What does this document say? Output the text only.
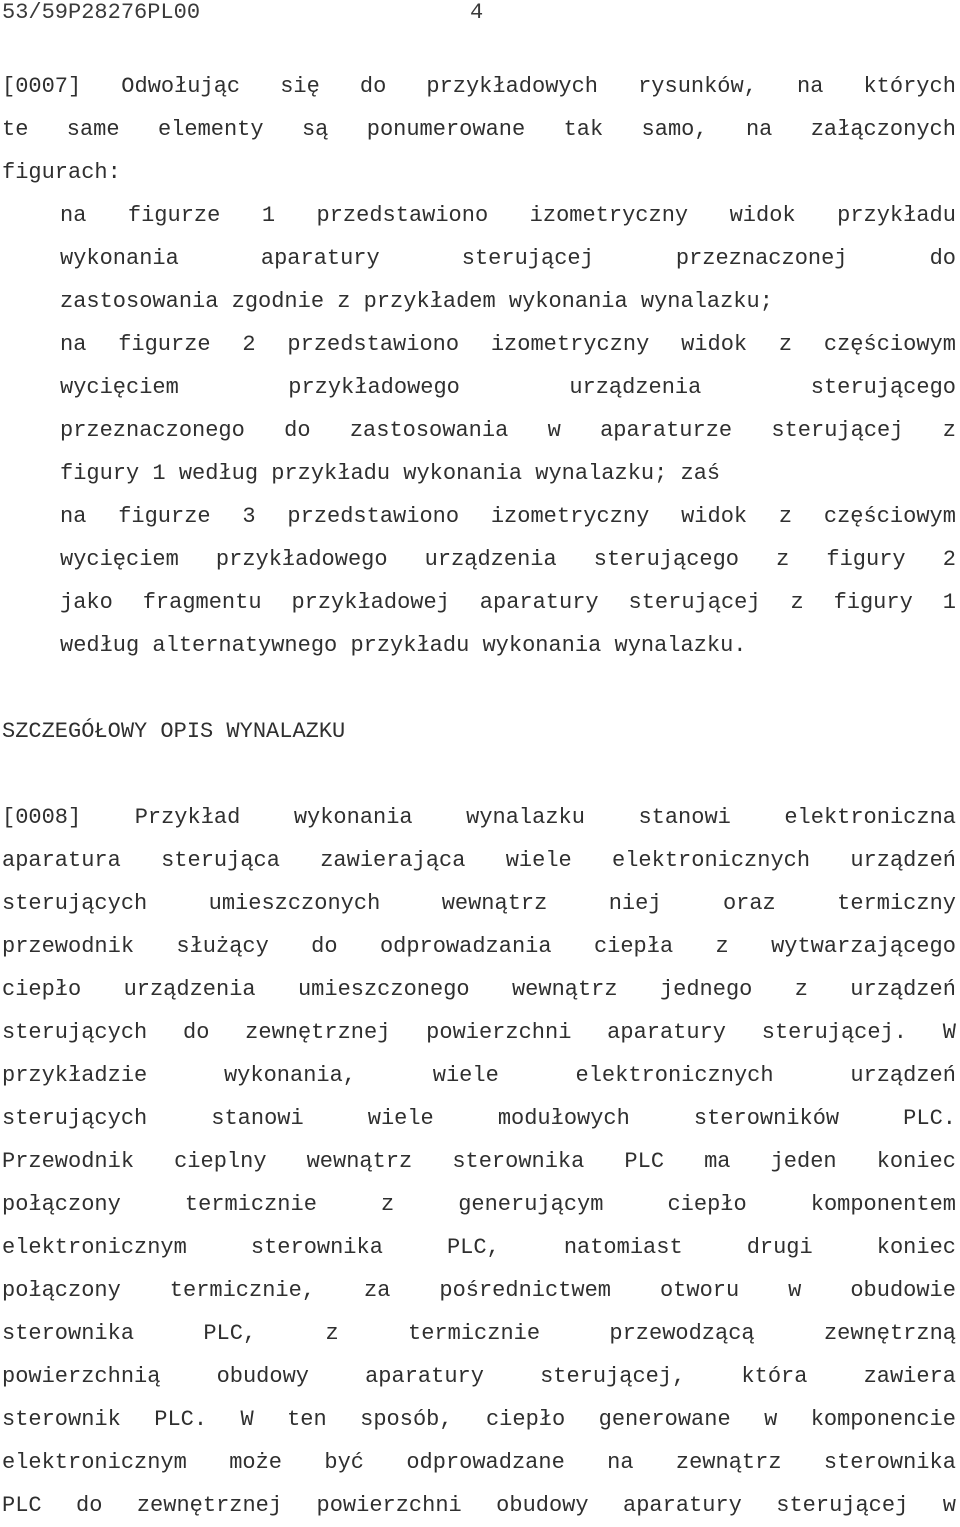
53/59P28276PL00	4
[0007] Odwołując się do przykładowych rysunków, na których
te same elementy są ponumerowane tak samo, na załączonych
figurach:
na figurze 1 przedstawiono izometryczny widok przykładu
wykonania	aparatury	sterującej	przeznaczonej	do
zastosowania zgodnie z przykładem wykonania wynalazku;
na figurze 2 przedstawiono izometryczny widok z częściowym
wycięciem	przykładowego	urządzenia	sterującego
przeznaczonego do zastosowania w aparaturze sterującej z
figury 1 według przykładu wykonania wynalazku; zaś
na figurze 3 przedstawiono izometryczny widok z częściowym
wycięciem przykładowego urządzenia sterującego z figury 2
jako fragmentu przykładowej aparatury sterującej z figury 1
według alternatywnego przykładu wykonania wynalazku.
SZCZEGÓŁOWY OPIS WYNALAZKU
[0008] Przykład wykonania wynalazku stanowi elektroniczna
aparatura sterująca zawierająca wiele elektronicznych urządzeń
sterujących	umieszczonych	wewnątrz	niej	oraz	termiczny
przewodnik służący do odprowadzania ciepła z wytwarzającego
ciepło urządzenia umieszczonego wewnątrz jednego z urządzeń
sterujących do zewnętrznej powierzchni aparatury sterującej. W
przykładzie	wykonania,	wiele	elektronicznych	urządzeń
sterujących	stanowi	wiele	modułowych	sterowników	PLC.
Przewodnik cieplny wewnątrz sterownika PLC ma jeden koniec
połączony	termicznie	z	generującym	ciepło	komponentem
elektronicznym	sterownika	PLC,	natomiast	drugi	koniec
połączony termicznie, za pośrednictwem otworu w obudowie
sterownika	PLC,	z	termicznie	przewodzącą	zewnętrzną
powierzchnią	obudowy	aparatury	sterującej,	która	zawiera
sterownik PLC. W ten sposób, ciepło generowane w komponencie
elektronicznym może być odprowadzane na zewnątrz sterownika
PLC do zewnętrznej powierzchni obudowy aparatury sterującej w
